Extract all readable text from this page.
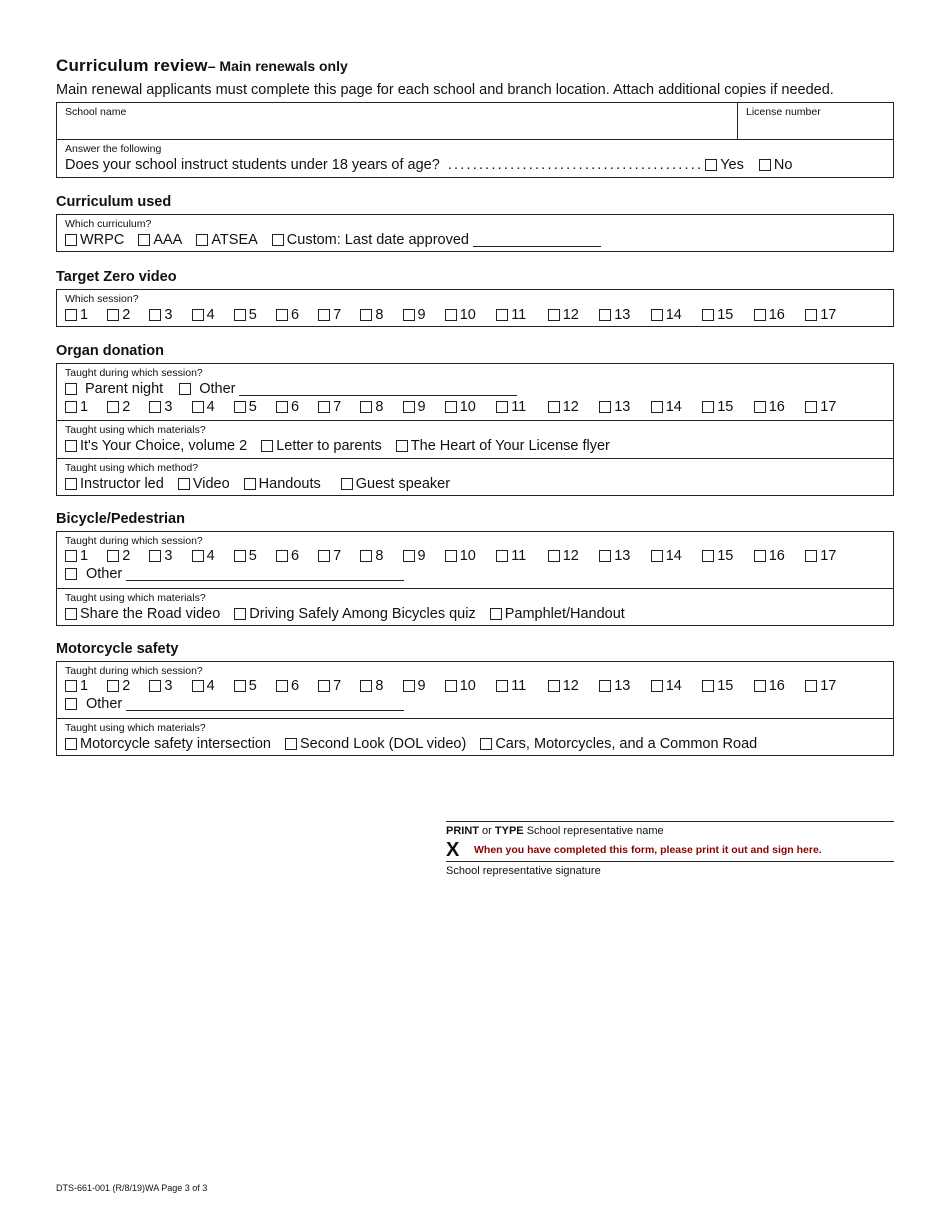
Curriculum review– Main renewals only
Main renewal applicants must complete this page for each school and branch location. Attach additional copies if needed.
School name	License number
Answer the following
Does your school instruct students under 18 years of age? ......................................... Yes No
Curriculum used
Which curriculum?
WRPC AAA ATSEA Custom: Last date approved
Target Zero video
Which session?
1 2 3 4 5 6 7 8 9 10 11	12 13 14 15 16 17
Organ donation
Taught during which session?
Parent night Other
1 2 3 4 5 6 7 8 9 10 11	12 13 14 15 16 17
Taught using which materials?
It's Your Choice, volume 2 Letter to parents The Heart of Your License flyer
Taught using which method?
Instructor led Video Handouts Guest speaker
Bicycle/Pedestrian
Taught during which session?
1 2 3 4 5 6 7 8 9 10 11	12 13 14 15 16 17
Other
Taught using which materials?
Share the Road video Driving Safely Among Bicycles quiz Pamphlet/Handout
Motorcycle safety
Taught during which session?
1 2 3 4 5 6 7 8 9 10 11	12 13 14 15 16 17
Other
Taught using which materials?
Motorcycle safety intersection Second Look (DOL video) Cars, Motorcycles, and a Common Road
PRINT or TYPE School representative name
X	When you have completed this form, please print it out and sign here.
School representative signature
DTS-661-001 (R/8/19)WA Page 3 of 3
